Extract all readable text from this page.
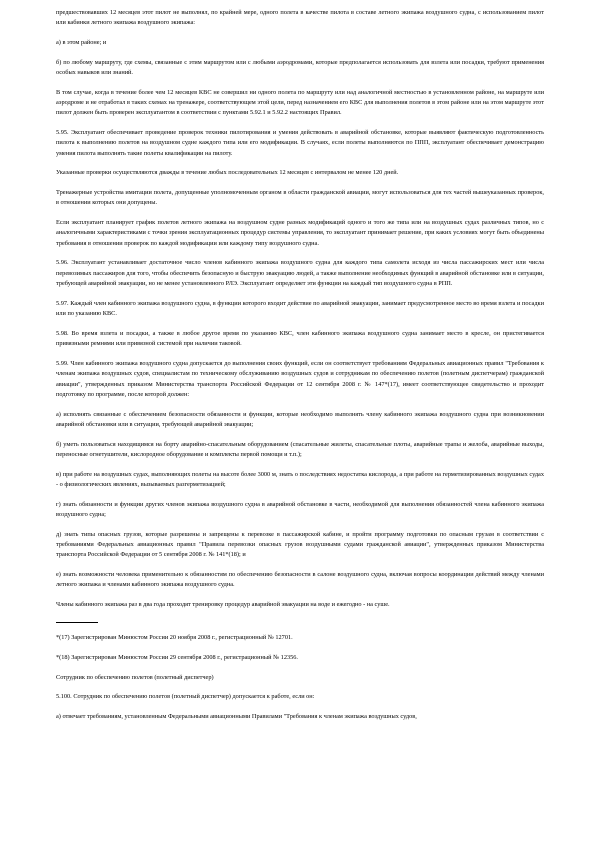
предшествовавших 12 месяцев этот пилот не выполнял, по крайней мере, одного полета в качестве пилота в составе летного экипажа воздушного судна, с использованием пилот или кабинки летного экипажа воздушного экипажа:

a) в этом районе; и

б) по любому маршруту, где схемы, связанные с этим маршрутом или с любыми аэродромами, которые предполагается использовать для взлета или посадки, требуют применения особых навыков или знаний.

В том случае, когда в течение более чем 12 месяцев КВС не совершил ни одного полета по маршруту или над аналогичной местностью в установленном районе, на маршруте или аэродроме и не отработал в таких схемах на тренажере, соответствующем этой цели, перед назначением его КВС для выполнения полетов в этом районе или на этом маршруте этот пилот должен быть проверен эксплуатантом в соответствии с пунктами 5.92.1 и 5.92.2 настоящих Правил.

5.95. Эксплуатант обеспечивает проведение проверок техники пилотирования и умения действовать в аварийной обстановке, которые выявляют фактическую подготовленность пилота к выполнению полетов на воздушном судне каждого типа или его модификации. В случаях, если полеты выполняются по ППП, эксплуатант обеспечивает демонстрацию умения пилота выполнять такие полеты квалификации на пилоту.

Указанные проверки осуществляются дважды в течение любых последовательных 12 месяцев с интервалом не менее 120 дней.

Тренажерные устройства имитации полета, допущенные уполномоченным органом в области гражданской авиации, могут использоваться для тех частей вышеуказанных проверок, в отношении которых они допущены.

Если эксплуатант планирует график полетов летного экипажа на воздушном судне разных модификаций одного и того же типа или на воздушных судах различных типов, но с аналогичными характеристиками с точки зрения эксплуатационных процедур системы управления, то эксплуатант принимает решение, при каких условиях могут быть объединены требования в отношении проверок по каждой модификации или каждому типу воздушного судна.

5.96. Эксплуатант устанавливает достаточное число членов кабинного экипажа воздушного судна для каждого типа самолета исходя из числа пассажирских мест или числа перевозимых пассажиров для того, чтобы обеспечить безопасную и быструю эвакуацию людей, а также выполнение необходимых функций в аварийной обстановке или в ситуации, требующей аварийной эвакуации, но не менее установленного РЛЭ. Эксплуатант определяет эти функции на каждый тип воздушного судна в РПП.

5.97. Каждый член кабинного экипажа воздушного судна, в функции которого входит действие по аварийной эвакуации, занимает предусмотренное место во время взлета и посадки или по указанию КВС.

5.98. Во время взлета и посадки, а также в любое другое время по указанию КВС, член кабинного экипажа воздушного судна занимает место в кресле, он пристегивается привязными ремнями или привязной системой при наличии таковой.

5.99. Член кабинного экипажа воздушного судна допускается до выполнения своих функций, если он соответствует требованиям Федеральных авиационных правил "Требования к членам экипажа воздушных судов, специалистам по техническому обслуживанию воздушных судов и сотрудникам по обеспечению полетов (полетным диспетчерам) гражданской авиации", утвержденных приказом Министерства транспорта Российской Федерации от 12 сентября 2008 г. № 147*(17), имеет соответствующее свидетельство и проходит подготовку по программе, после которой должен:

а) исполнять связанные с обеспечением безопасности обязанности и функции, которые необходимо выполнять члену кабинного экипажа воздушного судна при возникновении аварийной обстановки или в ситуации, требующей аварийной эвакуации;

б) уметь пользоваться находящимся на борту аварийно-спасательным оборудованием (спасательные жилеты, спасательные плоты, аварийные трапы и желоба, аварийные выходы, переносные огнетушители, кислородное оборудование и комплекты первой помощи и т.п.);

в) при работе на воздушных судах, выполняющих полеты на высоте более 3000 м, знать о последствиях недостатка кислорода, а при работе на герметизированных воздушных судах - о физиологических явлениях, вызываемых разгерметизацией;

г) знать обязанности и функции других членов экипажа воздушного судна в аварийной обстановке в части, необходимой для выполнения обязанностей члена кабинного экипажа воздушного судна;

д) знать типы опасных грузов, которые разрешены и запрещены к перевозке в пассажирской кабине, и пройти программу подготовки по опасным грузам в соответствии с требованиями Федеральных авиационных правил "Правила перевозки опасных грузов воздушными судами гражданской авиации", утвержденных приказом Министерства транспорта Российской Федерации от 5 сентября 2008 г. № 141*(18); и

е) знать возможности человека применительно к обязанностям по обеспечению безопасности в салоне воздушного судна, включая вопросы координации действий между членами летного экипажа и членами кабинного экипажа воздушного судна.

Члены кабинного экипажа раз в два года проходят тренировку процедур аварийной эвакуации на воде и ежегодно - на суше.

*(17) Зарегистрирован Минюстом России 20 ноября 2008 г., регистрационный № 12701.

*(18) Зарегистрирован Минюстом России 29 сентября 2008 г., регистрационный № 12356.

Сотрудник по обеспечению полетов (полетный диспетчер)

5.100. Сотрудник по обеспечению полетов (полетный диспетчер) допускается к работе, если он:

а) отвечает требованиям, установленным Федеральными авиационными Правилами "Требования к членам экипажа воздушных судов,
